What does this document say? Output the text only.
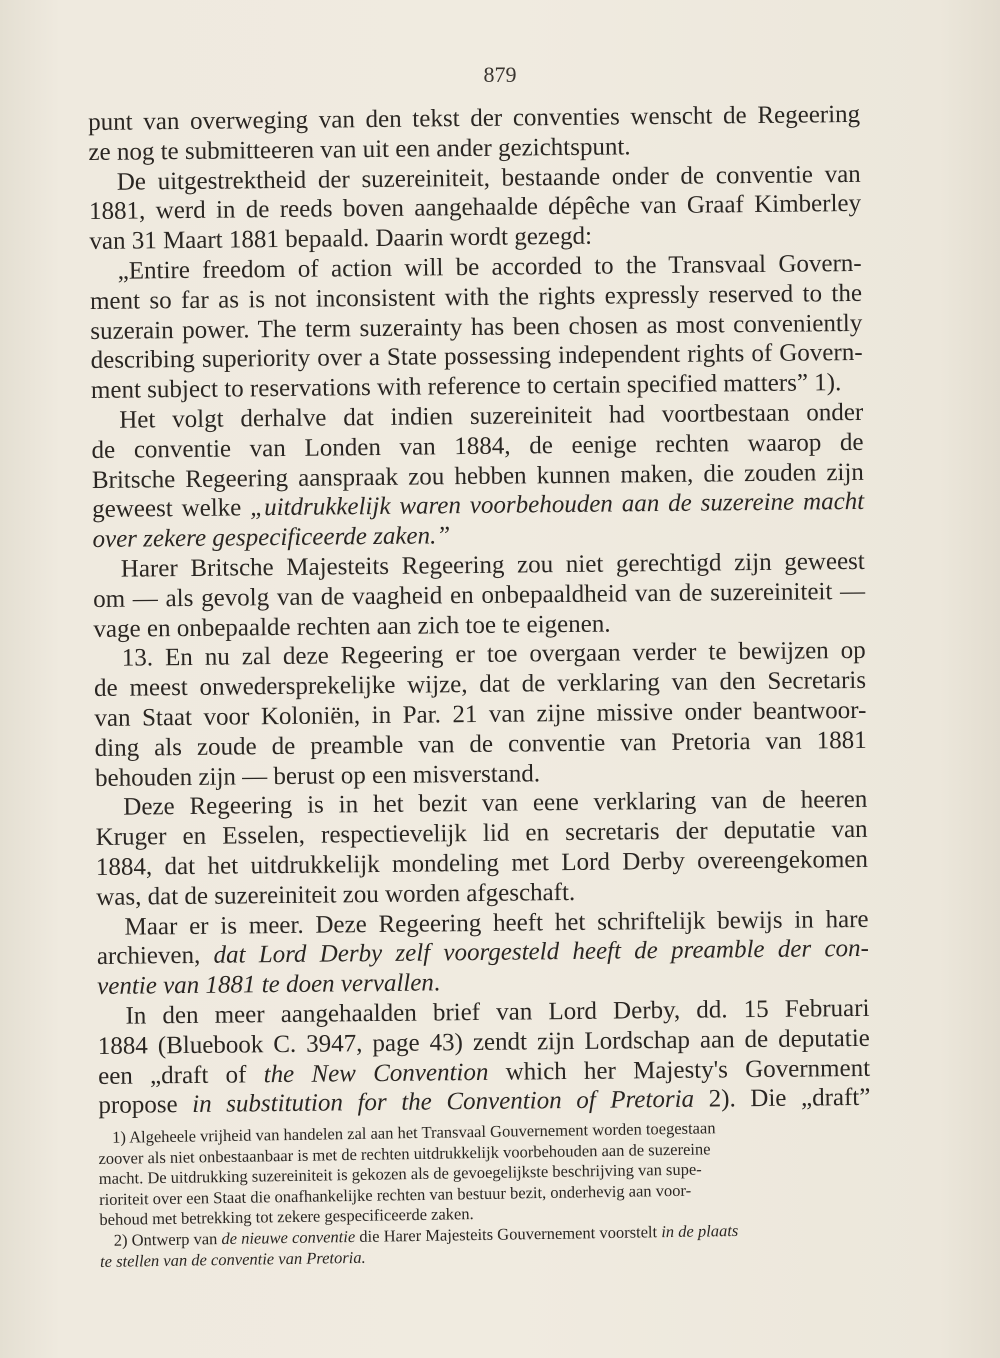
879

punt van overweging van den tekst der conventies wenscht de Regeering

ze nog te submitteeren van uit een ander gezichtspunt.

De uitgestrektheid der suzereiniteit, bestaande onder de conventie van

1881, werd in de reeds boven aangehaalde dépêche van Graaf Kimberley

van 31 Maart 1881 bepaald. Daarin wordt gezegd:

„Entire freedom of action will be accorded to the Transvaal Govern-

ment so far as is not inconsistent with the rights expressly reserved to the

suzerain power. The term suzerainty has been chosen as most conveniently

describing superiority over a State possessing independent rights of Govern-

ment subject to reservations with reference to certain specified matters” 1).

Het volgt derhalve dat indien suzereiniteit had voortbestaan onder

de conventie van Londen van 1884, de eenige rechten waarop de

Britsche Regeering aanspraak zou hebben kunnen maken, die zouden zijn

geweest welke „uitdrukkelijk waren voorbehouden aan de suzereine macht

over zekere gespecificeerde zaken.”

Harer Britsche Majesteits Regeering zou niet gerechtigd zijn geweest

om — als gevolg van de vaagheid en onbepaaldheid van de suzereiniteit —

vage en onbepaalde rechten aan zich toe te eigenen.

13. En nu zal deze Regeering er toe overgaan verder te bewijzen op

de meest onwedersprekelijke wijze, dat de verklaring van den Secretaris

van Staat voor Koloniën, in Par. 21 van zijne missive onder beantwoor-

ding als zoude de preamble van de conventie van Pretoria van 1881

behouden zijn — berust op een misverstand.

Deze Regeering is in het bezit van eene verklaring van de heeren

Kruger en Esselen, respectievelijk lid en secretaris der deputatie van

1884, dat het uitdrukkelijk mondeling met Lord Derby overeengekomen

was, dat de suzereiniteit zou worden afgeschaft.

Maar er is meer. Deze Regeering heeft het schriftelijk bewijs in hare

archieven, dat Lord Derby zelf voorgesteld heeft de preamble der con-

ventie van 1881 te doen vervallen.

In den meer aangehaalden brief van Lord Derby, dd. 15 Februari

1884 (Bluebook C. 3947, page 43) zendt zijn Lordschap aan de deputatie

een „draft of the New Convention which her Majesty's Government

propose in substitution for the Convention of Pretoria 2). Die „draft”

1) Algeheele vrijheid van handelen zal aan het Transvaal Gouvernement worden toegestaan

zoover als niet onbestaanbaar is met de rechten uitdrukkelijk voorbehouden aan de suzereine

macht. De uitdrukking suzereiniteit is gekozen als de gevoegelijkste beschrijving van supe-

rioriteit over een Staat die onafhankelijke rechten van bestuur bezit, onderhevig aan voor-

behoud met betrekking tot zekere gespecificeerde zaken.

2) Ontwerp van de nieuwe conventie die Harer Majesteits Gouvernement voorstelt in de plaats

te stellen van de conventie van Pretoria.
